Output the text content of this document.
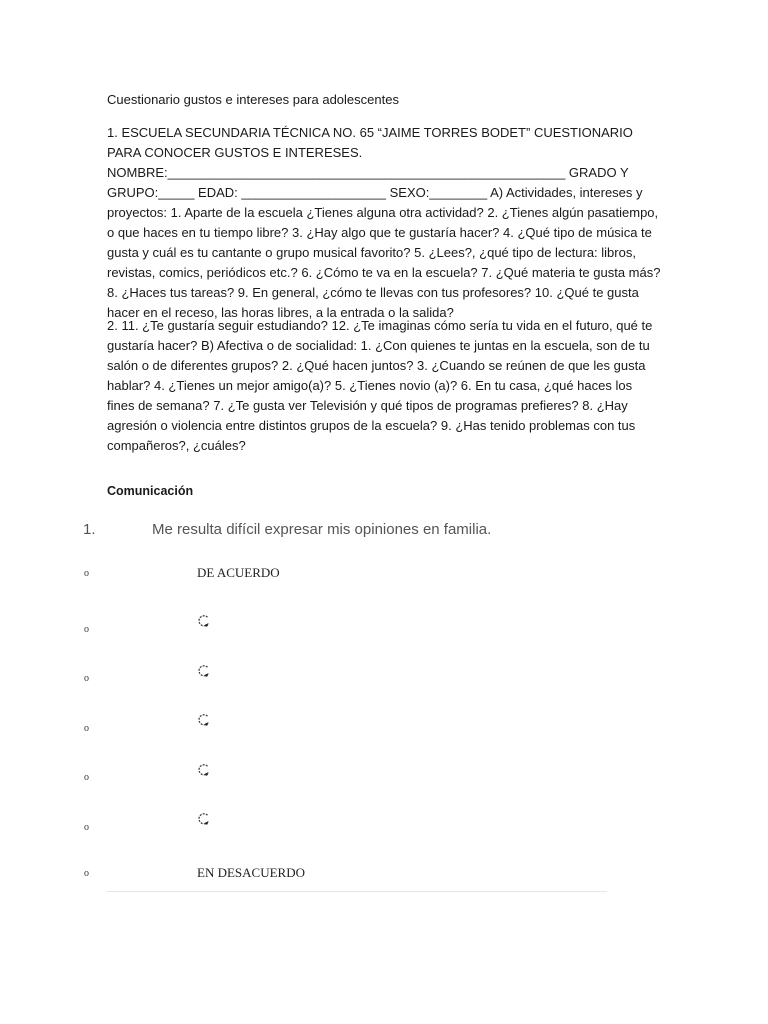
Cuestionario gustos e intereses para adolescentes
1. ESCUELA SECUNDARIA TÉCNICA NO. 65 “JAIME TORRES BODET” CUESTIONARIO PARA CONOCER GUSTOS E INTERESES. NOMBRE:_______________________________________________________ GRADO Y GRUPO:_____ EDAD: ____________________ SEXO:________ A) Actividades, intereses y proyectos: 1. Aparte de la escuela ¿Tienes alguna otra actividad? 2. ¿Tienes algún pasatiempo, o que haces en tu tiempo libre? 3. ¿Hay algo que te gustaría hacer? 4. ¿Qué tipo de música te gusta y cuál es tu cantante o grupo musical favorito? 5. ¿Lees?, ¿qué tipo de lectura: libros, revistas, comics, periódicos etc.? 6. ¿Cómo te va en la escuela? 7. ¿Qué materia te gusta más? 8. ¿Haces tus tareas? 9. En general, ¿cómo te llevas con tus profesores? 10. ¿Qué te gusta hacer en el receso, las horas libres, a la entrada o la salida?
2. 11. ¿Te gustaría seguir estudiando? 12. ¿Te imaginas cómo sería tu vida en el futuro, qué te gustaría hacer? B) Afectiva o de socialidad: 1. ¿Con quienes te juntas en la escuela, son de tu salón o de diferentes grupos? 2. ¿Qué hacen juntos? 3. ¿Cuando se reúnen de que les gusta hablar? 4. ¿Tienes un mejor amigo(a)? 5. ¿Tienes novio (a)? 6. En tu casa, ¿qué haces los fines de semana? 7. ¿Te gusta ver Televisión y qué tipos de programas prefieres? 8. ¿Hay agresión o violencia entre distintos grupos de la escuela? 9. ¿Has tenido problemas con tus compañeros?, ¿cuáles?
Comunicación
1.	Me resulta difícil expresar mis opiniones en familia.
o	DE ACUERDO
o
o
o
o
o
o	EN DESACUERDO
